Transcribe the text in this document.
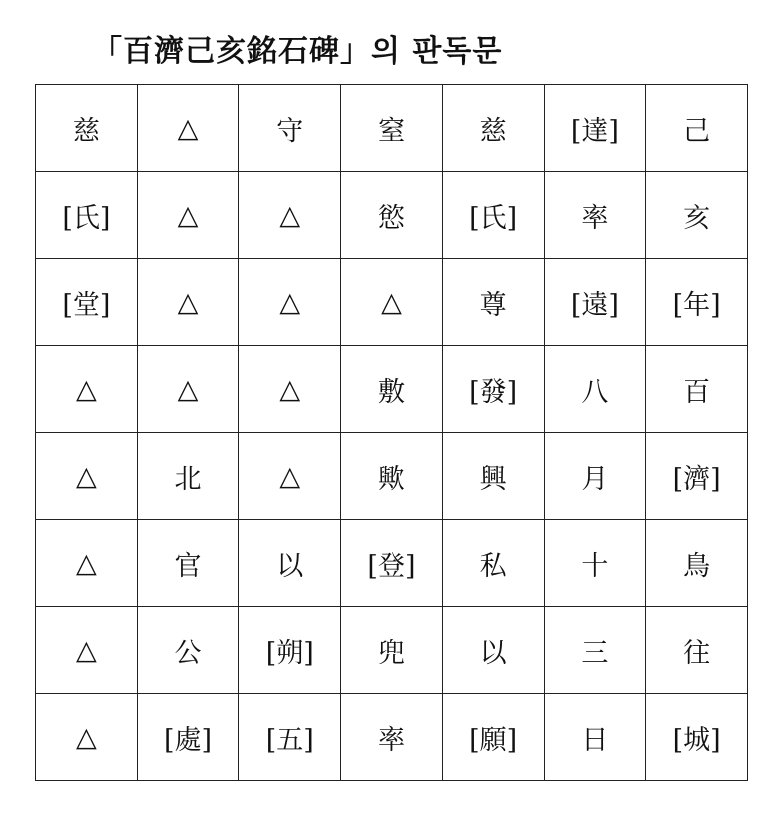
「百濟己亥銘石碑」의 판독문
慈	△	守	窒	慈	[達]	己
[氏]	△	△	慾	[氏]	率	亥
[堂]	△	△	△	尊	[遠]	[年]
△	△	△	敷	[發]	八	百
△	北	△	歟	興	月	[濟]
△	官	以	[登]	私	十	鳥
△	公	[朔]	兜	以	三	往
△	[處]	[五]	率	[願]	日	[城]
